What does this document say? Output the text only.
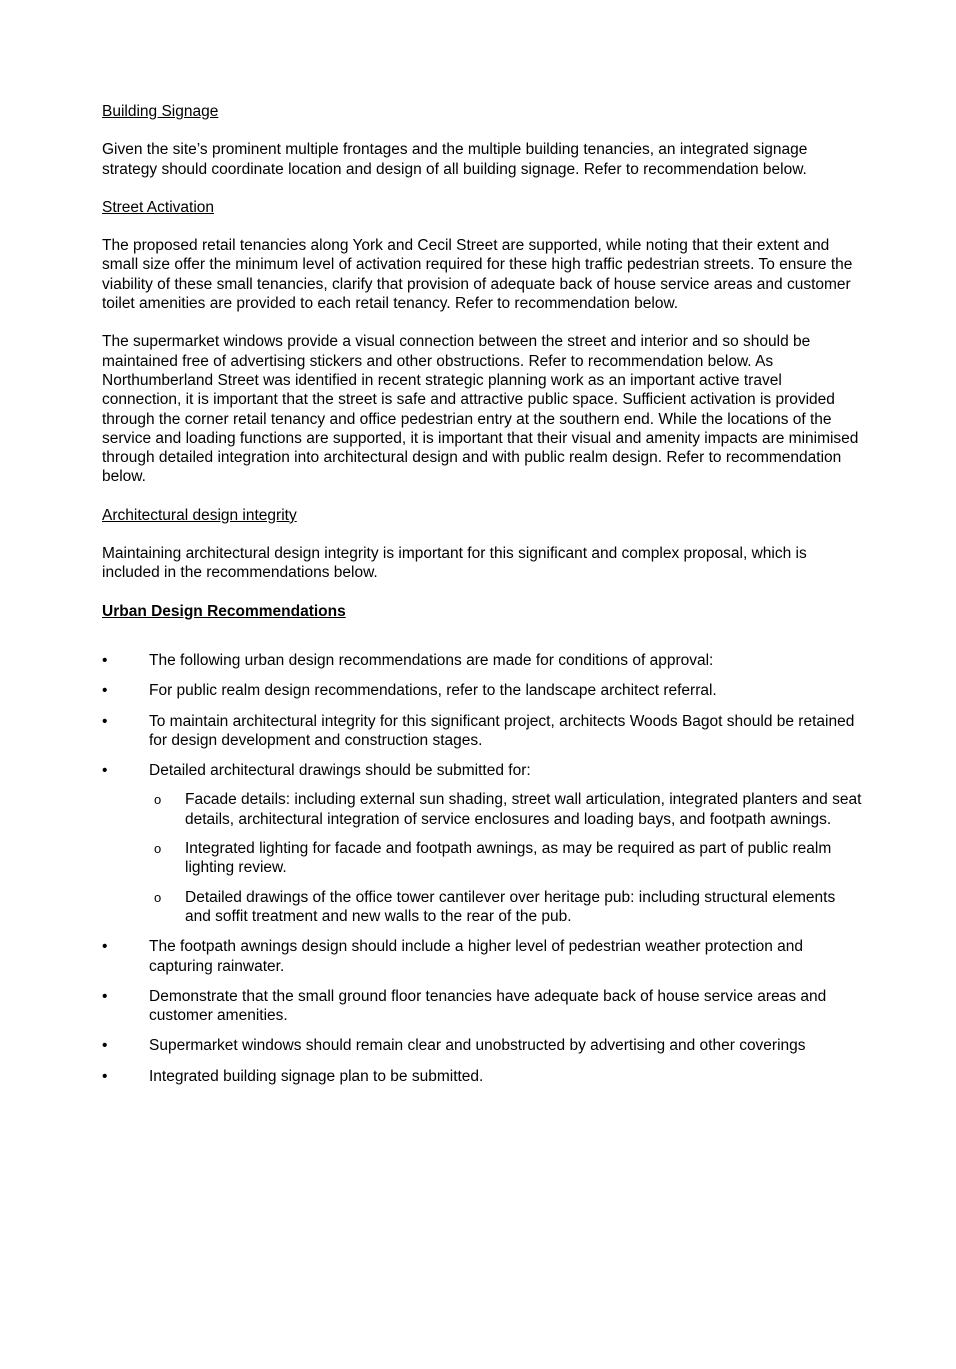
Building Signage

Given the site’s prominent multiple frontages and the multiple building tenancies, an integrated signage strategy should coordinate location and design of all building signage. Refer to recommendation below.

Street Activation

The proposed retail tenancies along York and Cecil Street are supported, while noting that their extent and small size offer the minimum level of activation required for these high traffic pedestrian streets. To ensure the viability of these small tenancies, clarify that provision of adequate back of house service areas and customer toilet amenities are provided to each retail tenancy. Refer to recommendation below.

The supermarket windows provide a visual connection between the street and interior and so should be maintained free of advertising stickers and other obstructions. Refer to recommendation below. As Northumberland Street was identified in recent strategic planning work as an important active travel connection, it is important that the street is safe and attractive public space. Sufficient activation is provided through the corner retail tenancy and office pedestrian entry at the southern end. While the locations of the service and loading functions are supported, it is important that their visual and amenity impacts are minimised through detailed integration into architectural design and with public realm design. Refer to recommendation below.

Architectural design integrity

Maintaining architectural design integrity is important for this significant and complex proposal, which is included in the recommendations below.

Urban Design Recommendations

•	The following urban design recommendations are made for conditions of approval:
•	For public realm design recommendations, refer to the landscape architect referral.
•	To maintain architectural integrity for this significant project, architects Woods Bagot should be retained for design development and construction stages.
•	Detailed architectural drawings should be submitted for:
o Facade details: including external sun shading, street wall articulation, integrated planters and seat details, architectural integration of service enclosures and loading bays, and footpath awnings.
o Integrated lighting for facade and footpath awnings, as may be required as part of public realm lighting review.
o Detailed drawings of the office tower cantilever over heritage pub: including structural elements and soffit treatment and new walls to the rear of the pub.
•	The footpath awnings design should include a higher level of pedestrian weather protection and capturing rainwater.
•	Demonstrate that the small ground floor tenancies have adequate back of house service areas and customer amenities.
•	Supermarket windows should remain clear and unobstructed by advertising and other coverings
•	Integrated building signage plan to be submitted.
